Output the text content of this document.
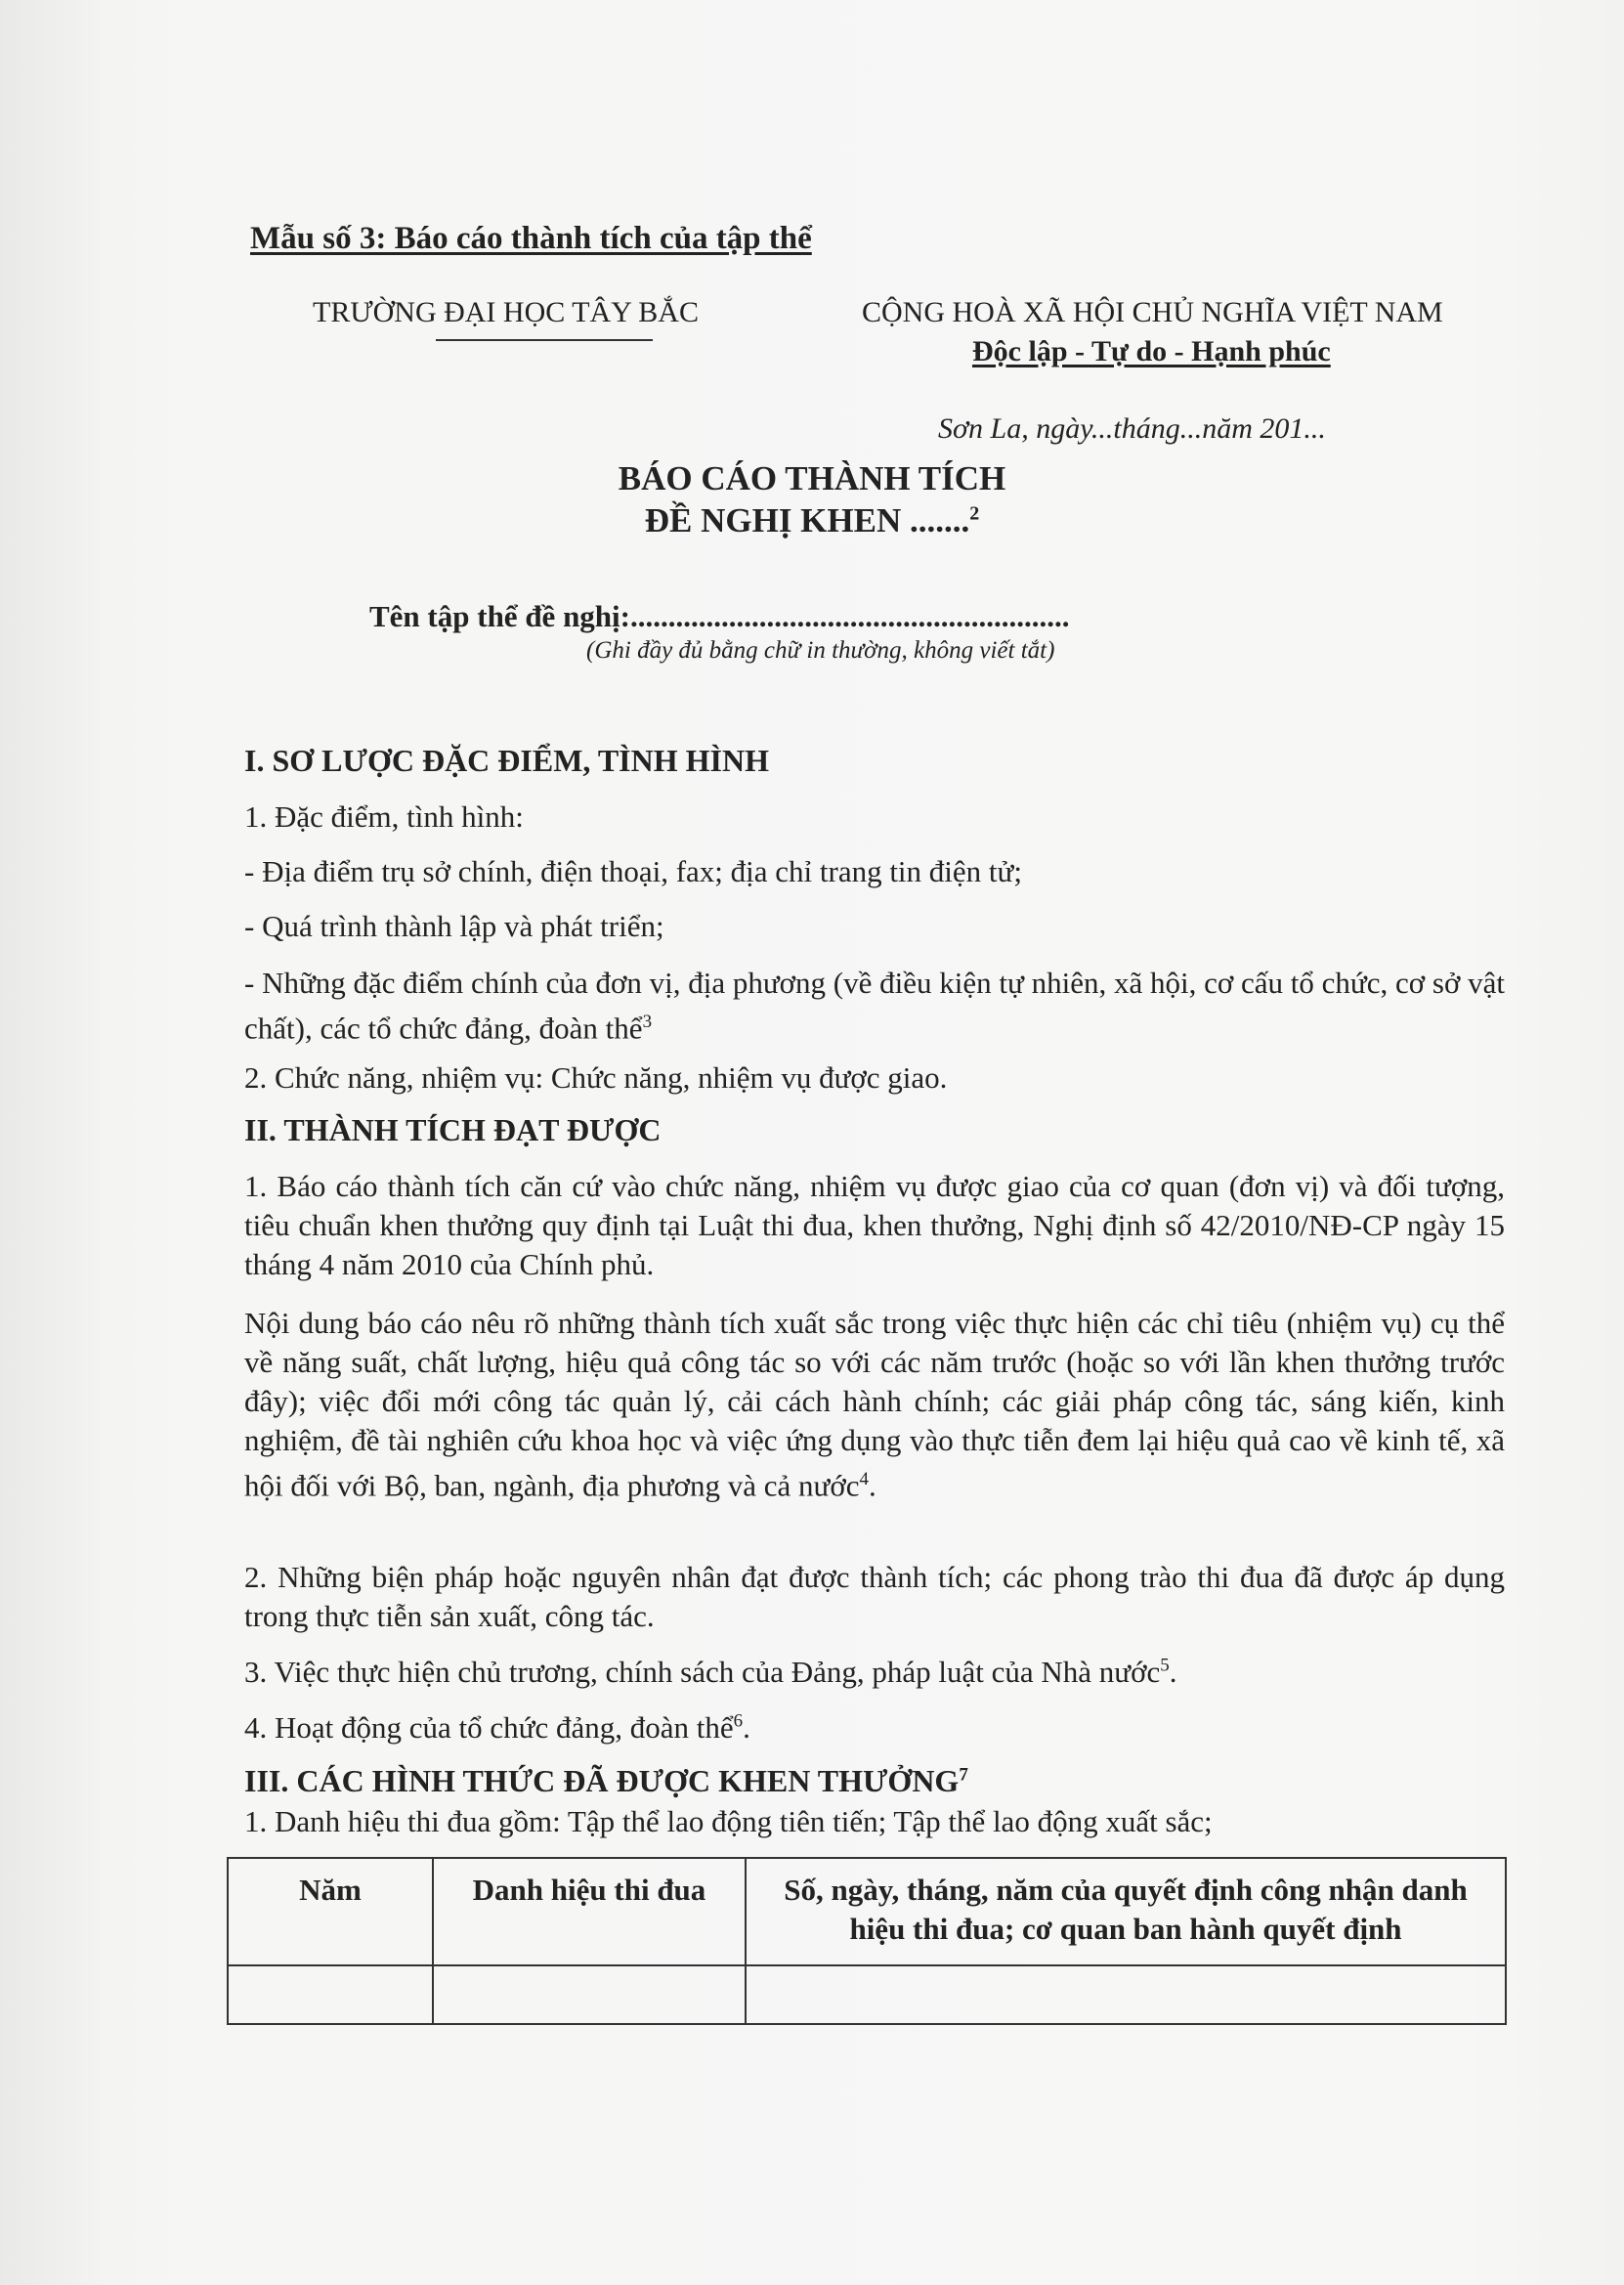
Mẫu số 3: Báo cáo thành tích của tập thể
TRƯỜNG ĐẠI HỌC TÂY BẮC	CỘNG HOÀ XÃ HỘI CHỦ NGHĨA VIỆT NAM
Độc lập - Tự do - Hạnh phúc
Sơn La, ngày...tháng...năm 201...
BÁO CÁO THÀNH TÍCH
ĐỀ NGHỊ KHEN .......$^2$
Tên tập thể đề nghị:..........................................................
(Ghi đầy đủ bằng chữ in thường, không viết tắt)
I. SƠ LƯỢC ĐẶC ĐIỂM, TÌNH HÌNH
1. Đặc điểm, tình hình:
- Địa điểm trụ sở chính, điện thoại, fax; địa chỉ trang tin điện tử;
- Quá trình thành lập và phát triển;
- Những đặc điểm chính của đơn vị, địa phương (về điều kiện tự nhiên, xã hội, cơ cấu tổ chức, cơ sở vật chất), các tổ chức đảng, đoàn thể$^3$
2. Chức năng, nhiệm vụ: Chức năng, nhiệm vụ được giao.
II. THÀNH TÍCH ĐẠT ĐƯỢC
1. Báo cáo thành tích căn cứ vào chức năng, nhiệm vụ được giao của cơ quan (đơn vị) và đối tượng, tiêu chuẩn khen thưởng quy định tại Luật thi đua, khen thưởng, Nghị định số 42/2010/NĐ-CP ngày 15 tháng 4 năm 2010 của Chính phủ.
Nội dung báo cáo nêu rõ những thành tích xuất sắc trong việc thực hiện các chỉ tiêu (nhiệm vụ) cụ thể về năng suất, chất lượng, hiệu quả công tác so với các năm trước (hoặc so với lần khen thưởng trước đây); việc đổi mới công tác quản lý, cải cách hành chính; các giải pháp công tác, sáng kiến, kinh nghiệm, đề tài nghiên cứu khoa học và việc ứng dụng vào thực tiễn đem lại hiệu quả cao về kinh tế, xã hội đối với Bộ, ban, ngành, địa phương và cả nước$^4$.
2. Những biện pháp hoặc nguyên nhân đạt được thành tích; các phong trào thi đua đã được áp dụng trong thực tiễn sản xuất, công tác.
3. Việc thực hiện chủ trương, chính sách của Đảng, pháp luật của Nhà nước$^5$.
4. Hoạt động của tổ chức đảng, đoàn thể$^6$.
III. CÁC HÌNH THỨC ĐÃ ĐƯỢC KHEN THƯỞNG$^7$
1. Danh hiệu thi đua gồm: Tập thể lao động tiên tiến; Tập thể lao động xuất sắc;
Năm	Danh hiệu thi đua	Số, ngày, tháng, năm của quyết định công nhận danh hiệu thi đua; cơ quan ban hành quyết định
